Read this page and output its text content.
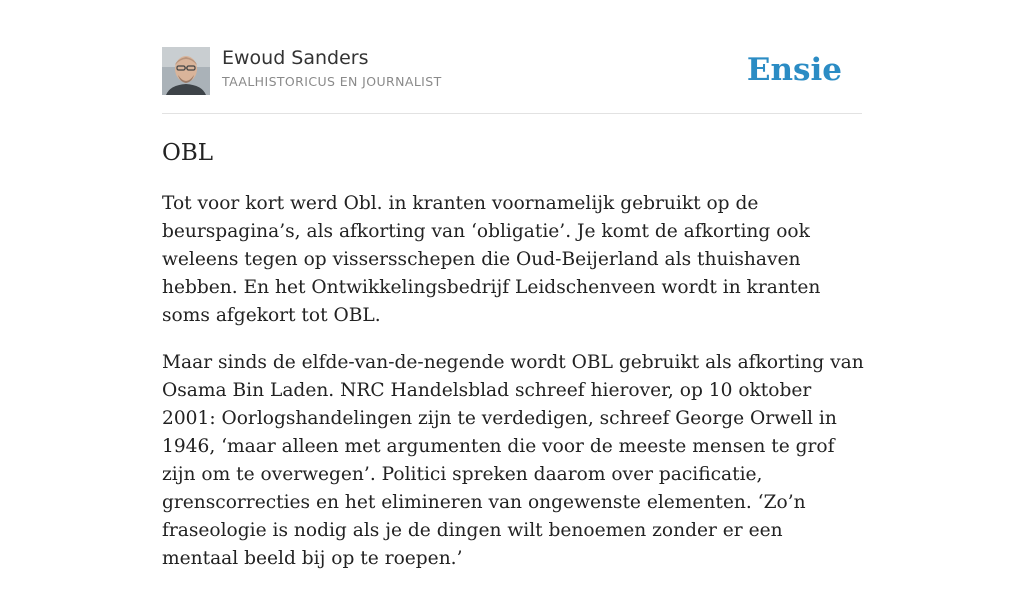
Ewoud Sanders
TAALHISTORICUS EN JOURNALIST	Ensie
OBL

Tot voor kort werd Obl. in kranten voornamelijk gebruikt op de beurspagina’s, als afkorting van ‘obligatie’. Je komt de afkorting ook weleens tegen op vissersschepen die Oud-Beijerland als thuishaven hebben. En het Ontwikkelingsbedrijf Leidschenveen wordt in kranten soms afgekort tot OBL.

Maar sinds de elfde-van-de-negende wordt OBL gebruikt als afkorting van Osama Bin Laden. NRC Handelsblad schreef hierover, op 10 oktober 2001: Oorlogshandelingen zijn te verdedigen, schreef George Orwell in 1946, ‘maar alleen met argumenten die voor de meeste mensen te grof zijn om te overwegen’. Politici spreken daarom over pacificatie, grenscorrecties en het elimineren van ongewenste elementen. ‘Zo’n fraseologie is nodig als je de dingen wilt benoemen zonder er een mentaal beeld bij op te roepen.’
